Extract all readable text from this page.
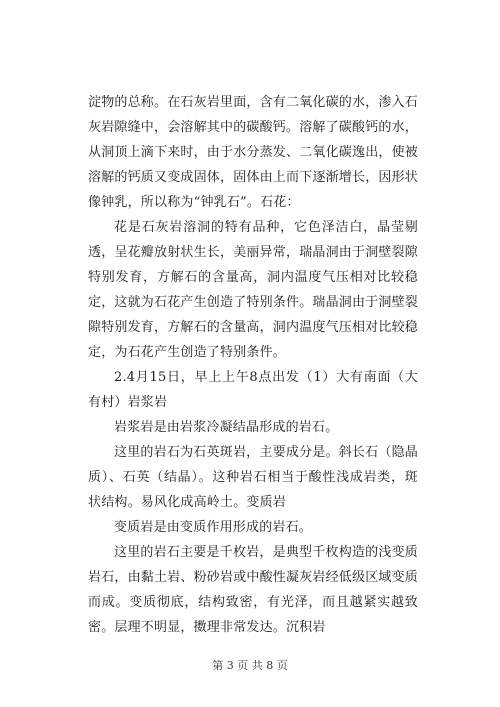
淀物的总称。在石灰岩里面，含有二氧化碳的水，渗入石灰岩隙缝中，会溶解其中的碳酸钙。溶解了碳酸钙的水，从洞顶上滴下来时，由于水分蒸发、二氧化碳逸出，使被溶解的钙质又变成固体，固体由上而下逐渐增长，因形状像钟乳，所以称为“钟乳石”。石花：

花是石灰岩溶洞的特有品种，它色泽洁白，晶莹剔透，呈花瓣放射状生长，美丽异常，瑞晶洞由于洞壁裂隙特别发育，方解石的含量高，洞内温度气压相对比较稳定，这就为石花产生创造了特别条件。瑞晶洞由于洞壁裂隙特别发育，方解石的含量高，洞内温度气压相对比较稳定，为石花产生创造了特别条件。

2.4月15日，早上上午8点出发（1）大有南面（大有村）岩浆岩

岩浆岩是由岩浆冷凝结晶形成的岩石。

这里的岩石为石英斑岩，主要成分是。斜长石（隐晶质）、石英（结晶）。这种岩石相当于酸性浅成岩类，斑状结构。易风化成高岭土。变质岩

变质岩是由变质作用形成的岩石。

这里的岩石主要是千枚岩，是典型千枚构造的浅变质岩石，由黏土岩、粉砂岩或中酸性凝灰岩经低级区域变质而成。变质彻底，结构致密，有光泽，而且越紧实越致密。层理不明显，擞理非常发达。沉积岩

第 3 页 共 8 页
